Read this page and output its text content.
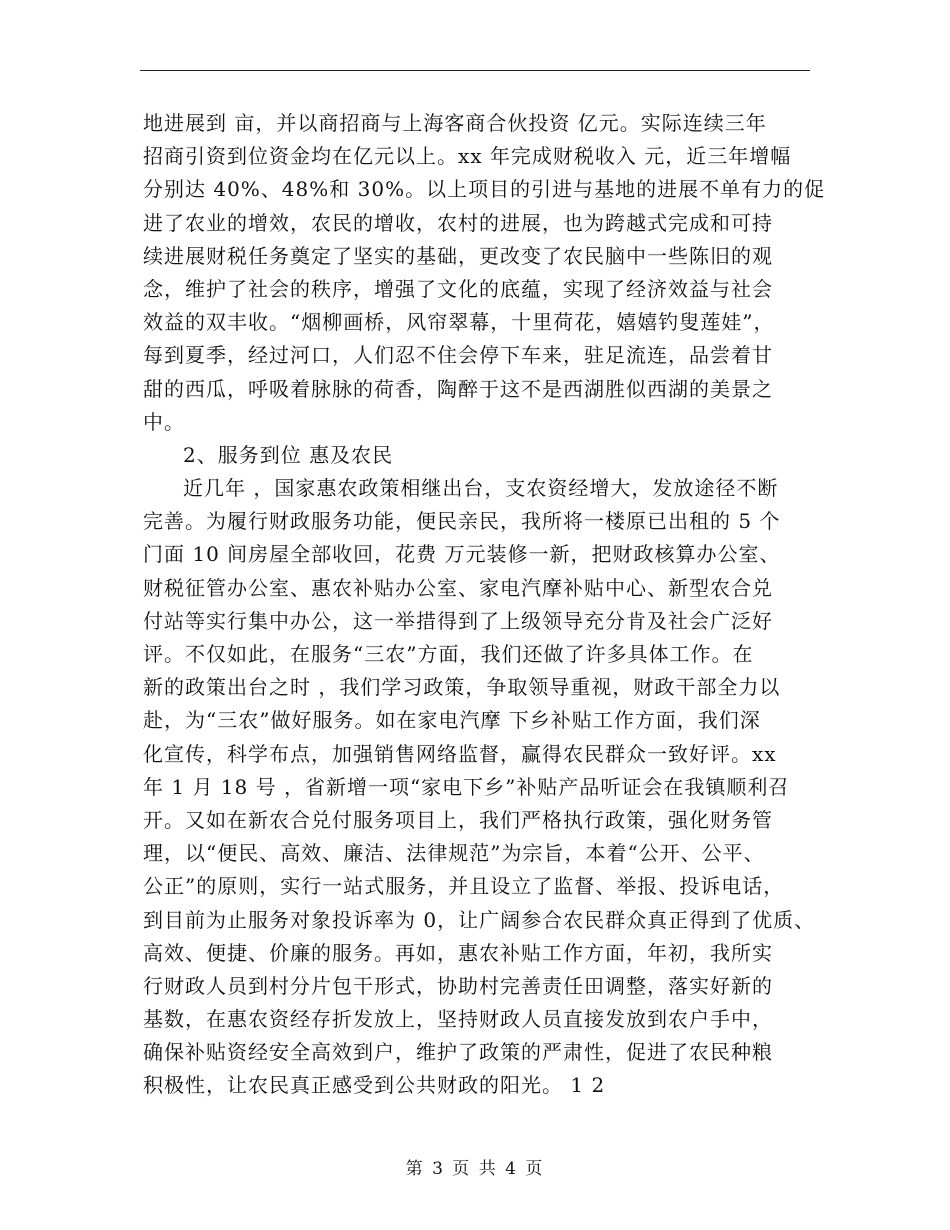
地进展到 亩，并以商招商与上海客商合伙投资 亿元。实际连续三年
招商引资到位资金均在亿元以上。xx 年完成财税收入 元，近三年增幅
分别达 40%、48%和 30%。以上项目的引进与基地的进展不单有力的促
进了农业的增效，农民的增收，农村的进展，也为跨越式完成和可持
续进展财税任务奠定了坚实的基础，更改变了农民脑中一些陈旧的观
念，维护了社会的秩序，增强了文化的底蕴，实现了经济效益与社会
效益的双丰收。“烟柳画桥，风帘翠幕，十里荷花，嬉嬉钓叟莲娃”，
每到夏季，经过河口，人们忍不住会停下车来，驻足流连，品尝着甘
甜的西瓜，呼吸着脉脉的荷香，陶醉于这不是西湖胜似西湖的美景之
中。
2、服务到位 惠及农民
近几年 ，国家惠农政策相继出台，支农资经增大，发放途径不断
完善。为履行财政服务功能，便民亲民，我所将一楼原已出租的 5 个
门面 10 间房屋全部收回，花费 万元装修一新，把财政核算办公室、
财税征管办公室、惠农补贴办公室、家电汽摩补贴中心、新型农合兑
付站等实行集中办公，这一举措得到了上级领导充分肯及社会广泛好
评。不仅如此，在服务“三农”方面，我们还做了许多具体工作。在
新的政策出台之时 ，我们学习政策，争取领导重视，财政干部全力以
赴，为“三农”做好服务。如在家电汽摩 下乡补贴工作方面，我们深
化宣传，科学布点，加强销售网络监督，赢得农民群众一致好评。xx
年 1 月 18 号 ，省新增一项“家电下乡”补贴产品听证会在我镇顺利召
开。又如在新农合兑付服务项目上，我们严格执行政策，强化财务管
理，以“便民、高效、廉洁、法律规范”为宗旨，本着“公开、公平、
公正”的原则，实行一站式服务，并且设立了监督、举报、投诉电话，
到目前为止服务对象投诉率为 0，让广阔参合农民群众真正得到了优质、
高效、便捷、价廉的服务。再如，惠农补贴工作方面，年初，我所实
行财政人员到村分片包干形式，协助村完善责任田调整，落实好新的
基数，在惠农资经存折发放上，坚持财政人员直接发放到农户手中，
确保补贴资经安全高效到户，维护了政策的严肃性，促进了农民种粮
积极性，让农民真正感受到公共财政的阳光。 1 2
第 3 页 共 4 页
